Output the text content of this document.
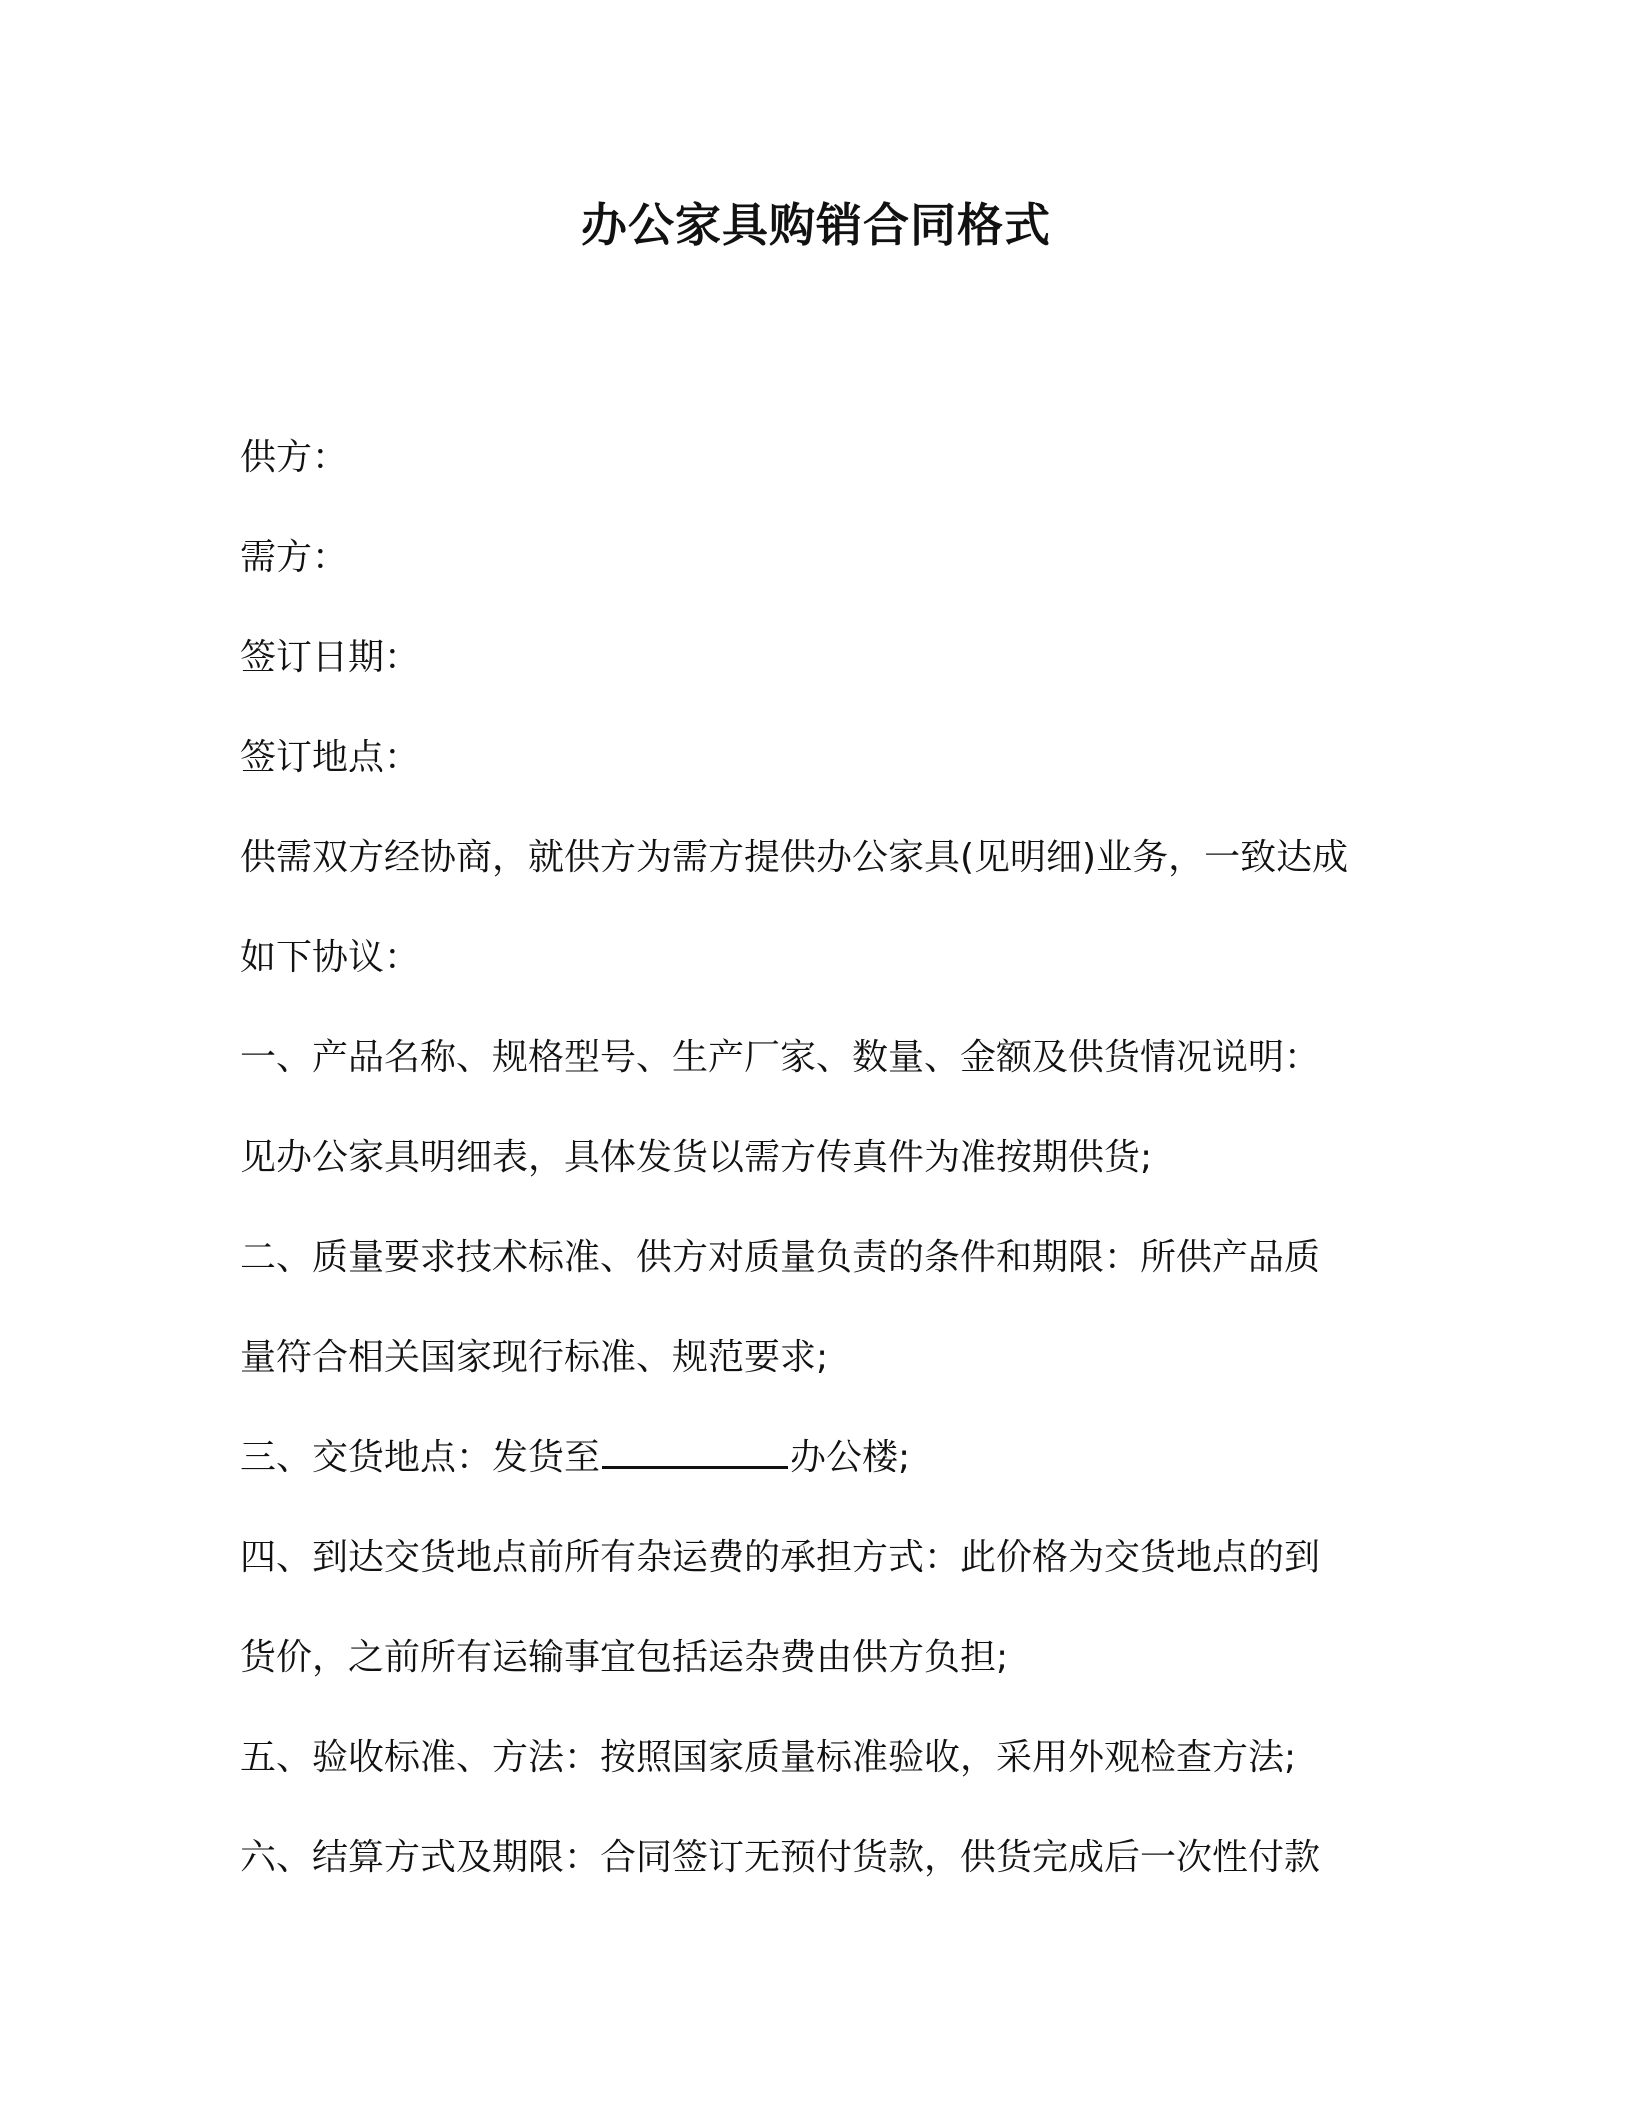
办公家具购销合同格式
供方：
需方：
签订日期：
签订地点：
供需双方经协商，就供方为需方提供办公家具(见明细)业务，一致达成
如下协议：
一、产品名称、规格型号、生产厂家、数量、金额及供货情况说明：
见办公家具明细表，具体发货以需方传真件为准按期供货;
二、质量要求技术标准、供方对质量负责的条件和期限：所供产品质
量符合相关国家现行标准、规范要求;
三、交货地点：发货至	办公楼;
四、到达交货地点前所有杂运费的承担方式：此价格为交货地点的到
货价，之前所有运输事宜包括运杂费由供方负担;
五、验收标准、方法：按照国家质量标准验收，采用外观检查方法;
六、结算方式及期限：合同签订无预付货款，供货完成后一次性付款
